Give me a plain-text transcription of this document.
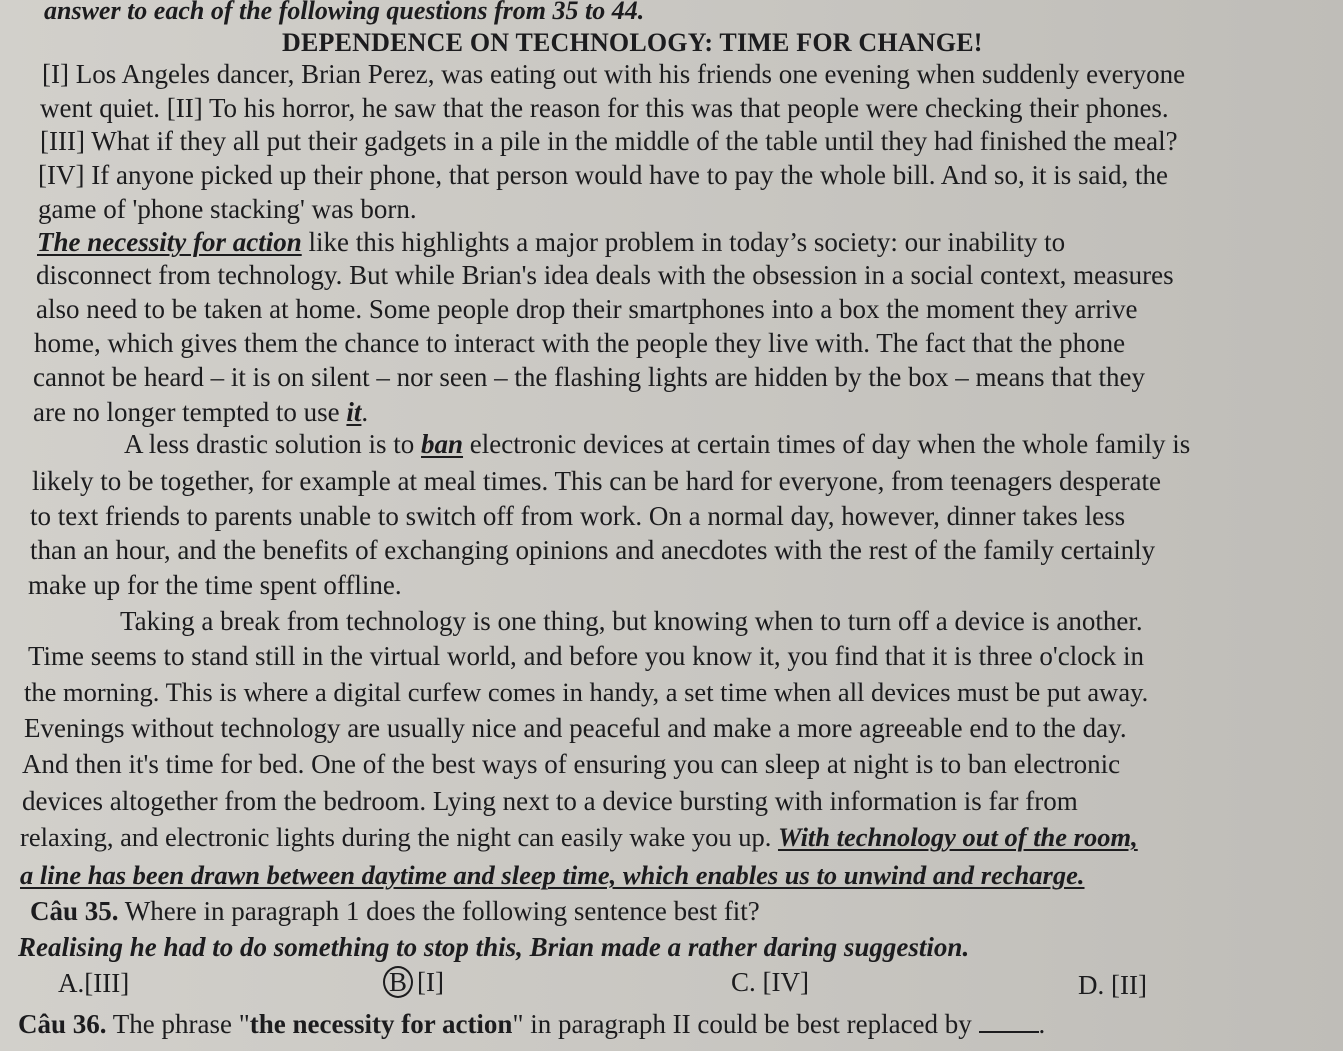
answer to each of the following questions from 35 to 44.
DEPENDENCE ON TECHNOLOGY: TIME FOR CHANGE!
[I] Los Angeles dancer, Brian Perez, was eating out with his friends one evening when suddenly everyone
went quiet. [II] To his horror, he saw that the reason for this was that people were checking their phones.
[III] What if they all put their gadgets in a pile in the middle of the table until they had finished the meal?
[IV] If anyone picked up their phone, that person would have to pay the whole bill. And so, it is said, the
game of 'phone stacking' was born.
The necessity for action like this highlights a major problem in today’s society: our inability to
disconnect from technology. But while Brian's idea deals with the obsession in a social context, measures
also need to be taken at home. Some people drop their smartphones into a box the moment they arrive
home, which gives them the chance to interact with the people they live with. The fact that the phone
cannot be heard – it is on silent – nor seen – the flashing lights are hidden by the box – means that they
are no longer tempted to use it.
A less drastic solution is to ban electronic devices at certain times of day when the whole family is
likely to be together, for example at meal times. This can be hard for everyone, from teenagers desperate
to text friends to parents unable to switch off from work. On a normal day, however, dinner takes less
than an hour, and the benefits of exchanging opinions and anecdotes with the rest of the family certainly
make up for the time spent offline.
Taking a break from technology is one thing, but knowing when to turn off a device is another.
Time seems to stand still in the virtual world, and before you know it, you find that it is three o'clock in
the morning. This is where a digital curfew comes in handy, a set time when all devices must be put away.
Evenings without technology are usually nice and peaceful and make a more agreeable end to the day.
And then it's time for bed. One of the best ways of ensuring you can sleep at night is to ban electronic
devices altogether from the bedroom. Lying next to a device bursting with information is far from
relaxing, and electronic lights during the night can easily wake you up. With technology out of the room,
a line has been drawn between daytime and sleep time, which enables us to unwind and recharge.
Câu 35. Where in paragraph 1 does the following sentence best fit?
Realising he had to do something to stop this, Brian made a rather daring suggestion.
A.[III]	B [I]	C. [IV]	D. [II]
Câu 36. The phrase "the necessity for action" in paragraph II could be best replaced by .
